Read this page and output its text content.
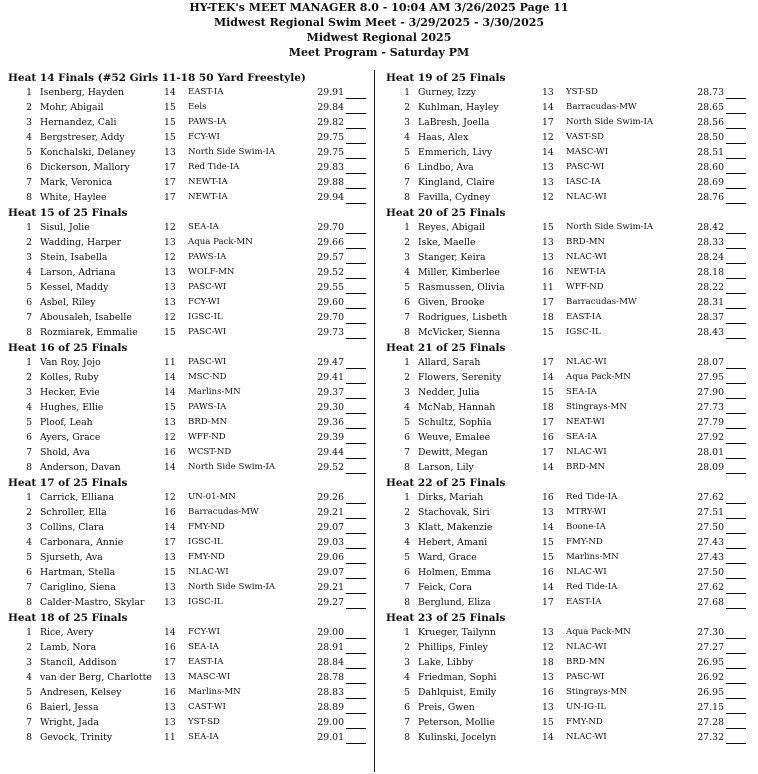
HY-TEK's MEET MANAGER 8.0 - 10:04 AM 3/26/2025 Page 11
Midwest Regional Swim Meet - 3/29/2025 - 3/30/2025
Midwest Regional 2025
Meet Program - Saturday PM
Heat 14 Finals (#52 Girls 11-18 50 Yard Freestyle)
1 Isenberg, Hayden	14 EAST-IA	29.91
2 Mohr, Abigail	15 Eels	29.84
3 Hernandez, Cali	15 PAWS-IA	29.82
4 Bergstreser, Addy	15 FCY-WI	29.75
5 Konchalski, Delaney	13 North Side Swim-IA	29.75
6 Dickerson, Mallory	17 Red Tide-IA	29.83
7 Mark, Veronica	17 NEWT-IA	29.88
8 White, Haylee	17 NEWT-IA	29.94
Heat 15 of 25 Finals
1 Sisul, Jolie	12 SEA-IA	29.70
2 Wadding, Harper	13 Aqua Pack-MN	29.66
3 Stein, Isabella	12 PAWS-IA	29.57
4 Larson, Adriana	13 WOLF-MN	29.52
5 Kessel, Maddy	13 PASC-WI	29.55
6 Asbel, Riley	13 FCY-WI	29.60
7 Abousaleh, Isabelle	12 IGSC-IL	29.70
8 Rozmiarek, Emmalie	15 PASC-WI	29.73
Heat 16 of 25 Finals
1 Van Roy, Jojo	11 PASC-WI	29.47
2 Kolles, Ruby	14 MSC-ND	29.41
3 Hecker, Evie	14 Marlins-MN	29.37
4 Hughes, Ellie	15 PAWS-IA	29.30
5 Ploof, Leah	13 BRD-MN	29.36
6 Ayers, Grace	12 WFF-ND	29.39
7 Shold, Ava	16 WCST-ND	29.44
8 Anderson, Davan	14 North Side Swim-IA	29.52
Heat 17 of 25 Finals
1 Carrick, Elliana	12 UN-01-MN	29.26
2 Schroller, Ella	16 Barracudas-MW	29.21
3 Collins, Clara	14 FMY-ND	29.07
4 Carbonara, Annie	17 IGSC-IL	29.03
5 Sjurseth, Ava	13 FMY-ND	29.06
6 Hartman, Stella	15 NLAC-WI	29.07
7 Cariglino, Siena	13 North Side Swim-IA	29.21
8 Calder-Mastro, Skylar 13 IGSC-IL	29.27
Heat 18 of 25 Finals
1 Rice, Avery	14 FCY-WI	29.00
2 Lamb, Nora	16 SEA-IA	28.91
3 Stancil, Addison	17 EAST-IA	28.84
4 van der Berg, Charlotte 13 MASC-WI	28.78
5 Andresen, Kelsey	16 Marlins-MN	28.83
6 Baierl, Jessa	13 CAST-WI	28.89
7 Wright, Jada	13 YST-SD	29.00
8 Gevock, Trinity	11 SEA-IA	29.01
Heat 19 of 25 Finals
1 Gurney, Izzy	13 YST-SD	28.73
2 Kuhlman, Hayley	14 Barracudas-MW	28.65
3 LaBresh, Joella	17 North Side Swim-IA	28.56
4 Haas, Alex	12 VAST-SD	28.50
5 Emmerich, Livy	14 MASC-WI	28.51
6 Lindbo, Ava	13 PASC-WI	28.60
7 Kingland, Claire	13 IASC-IA	28.69
8 Favilla, Cydney	12 NLAC-WI	28.76
Heat 20 of 25 Finals
1 Reyes, Abigail	15 North Side Swim-IA	28.42
2 Iske, Maelle	13 BRD-MN	28.33
3 Stanger, Keira	13 NLAC-WI	28.24
4 Miller, Kimberlee	16 NEWT-IA	28.18
5 Rasmussen, Olivia	11 WFF-ND	28.22
6 Given, Brooke	17 Barracudas-MW	28.31
7 Rodrigues, Lisbeth	18 EAST-IA	28.37
8 McVicker, Sienna	15 IGSC-IL	28.43
Heat 21 of 25 Finals
1 Allard, Sarah	17 NLAC-WI	28.07
2 Flowers, Serenity	14 Aqua Pack-MN	27.95
3 Nedder, Julia	15 SEA-IA	27.90
4 McNab, Hannah	18 Stingrays-MN	27.73
5 Schultz, Sophia	17 NEAT-WI	27.79
6 Weuve, Emalee	16 SEA-IA	27.92
7 Dewitt, Megan	17 NLAC-WI	28.01
8 Larson, Lily	14 BRD-MN	28.09
Heat 22 of 25 Finals
1 Dirks, Mariah	16 Red Tide-IA	27.62
2 Stachovak, Siri	13 MTRY-WI	27.51
3 Klatt, Makenzie	14 Boone-IA	27.50
4 Hebert, Amani	15 FMY-ND	27.43
5 Ward, Grace	15 Marlins-MN	27.43
6 Holmen, Emma	16 NLAC-WI	27.50
7 Feick, Cora	14 Red Tide-IA	27.62
8 Berglund, Eliza	17 EAST-IA	27.68
Heat 23 of 25 Finals
1 Krueger, Tailynn	13 Aqua Pack-MN	27.30
2 Phillips, Finley	12 NLAC-WI	27.27
3 Lake, Libby	18 BRD-MN	26.95
4 Friedman, Sophi	13 PASC-WI	26.92
5 Dahlquist, Emily	16 Stingrays-MN	26.95
6 Preis, Gwen	13 UN-IG-IL	27.15
7 Peterson, Mollie	15 FMY-ND	27.28
8 Kulinski, Jocelyn	14 NLAC-WI	27.32
